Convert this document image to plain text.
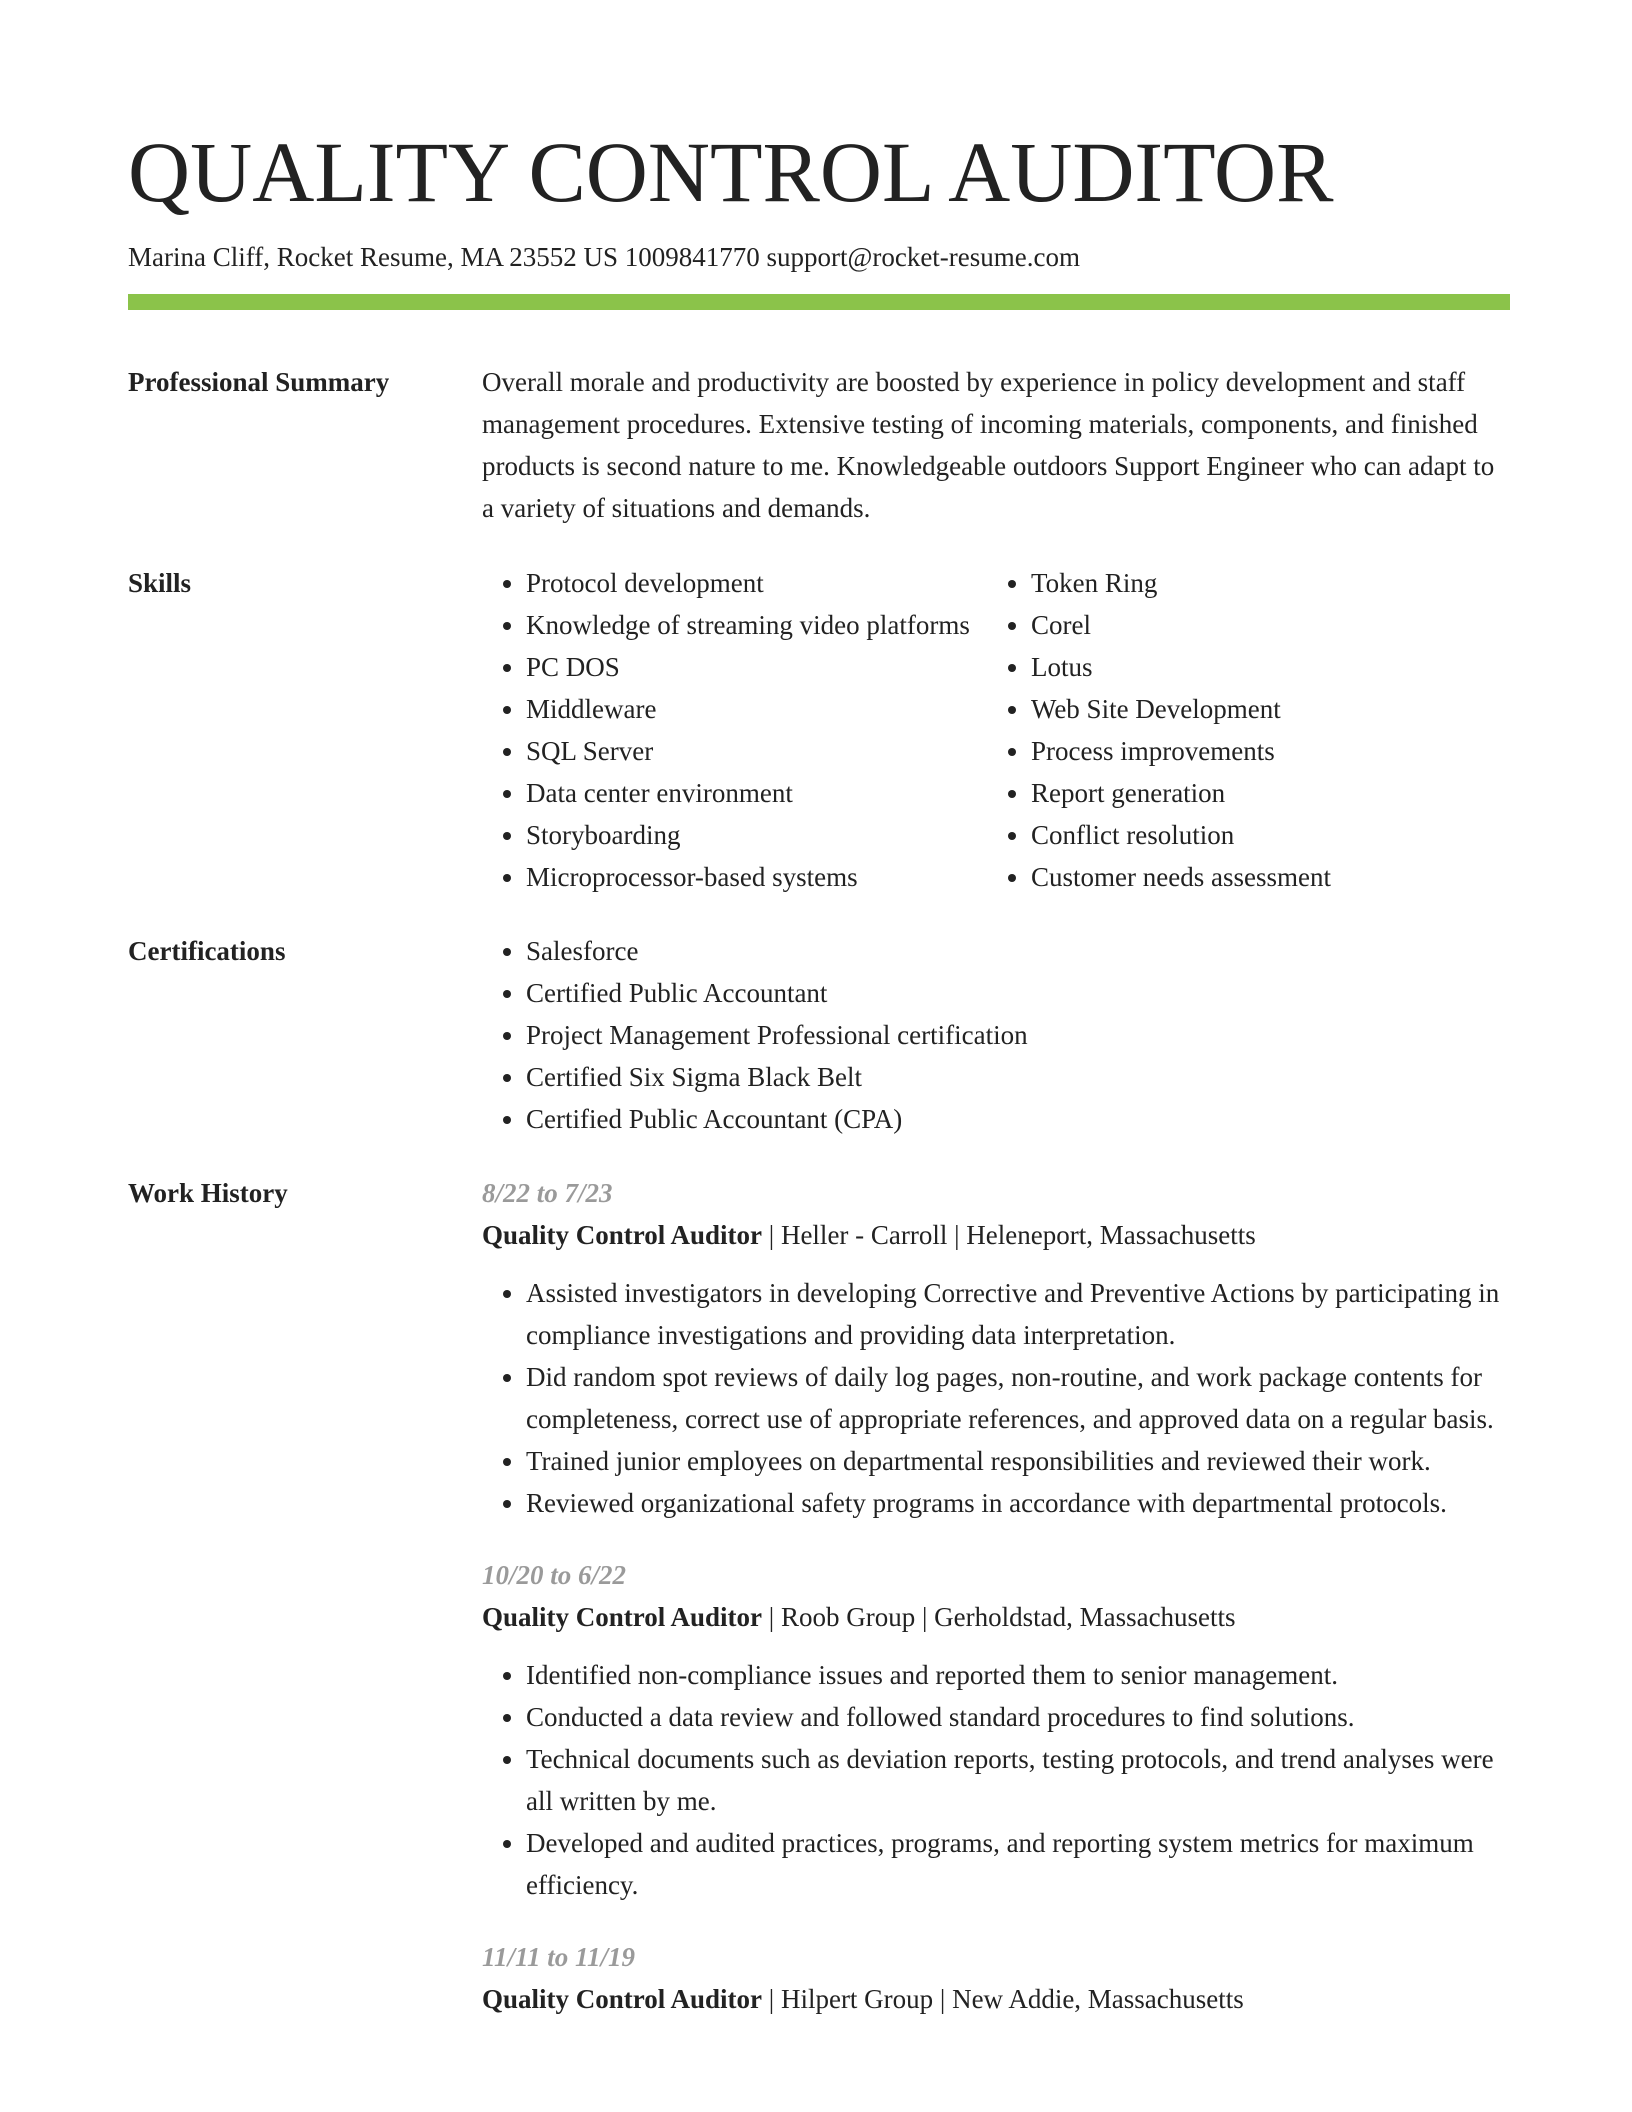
QUALITY CONTROL AUDITOR
Marina Cliff, Rocket Resume, MA 23552 US 1009841770 support@rocket-resume.com
Professional Summary	Overall morale and productivity are boosted by experience in policy development and staff management procedures. Extensive testing of incoming materials, components, and finished products is second nature to me. Knowledgeable outdoors Support Engineer who can adapt to a variety of situations and demands.
Skills	• Protocol development
• Knowledge of streaming video platforms
• PC DOS
• Middleware
• SQL Server
• Data center environment
• Storyboarding
• Microprocessor-based systems
• Token Ring
• Corel
• Lotus
• Web Site Development
• Process improvements
• Report generation
• Conflict resolution
• Customer needs assessment
Certifications	• Salesforce
• Certified Public Accountant
• Project Management Professional certification
• Certified Six Sigma Black Belt
• Certified Public Accountant (CPA)
Work History	8/22 to 7/23
Quality Control Auditor | Heller - Carroll | Heleneport, Massachusetts
• Assisted investigators in developing Corrective and Preventive Actions by participating in compliance investigations and providing data interpretation.
• Did random spot reviews of daily log pages, non-routine, and work package contents for completeness, correct use of appropriate references, and approved data on a regular basis.
• Trained junior employees on departmental responsibilities and reviewed their work.
• Reviewed organizational safety programs in accordance with departmental protocols.
10/20 to 6/22
Quality Control Auditor | Roob Group | Gerholdstad, Massachusetts
• Identified non-compliance issues and reported them to senior management.
• Conducted a data review and followed standard procedures to find solutions.
• Technical documents such as deviation reports, testing protocols, and trend analyses were all written by me.
• Developed and audited practices, programs, and reporting system metrics for maximum efficiency.
11/11 to 11/19
Quality Control Auditor | Hilpert Group | New Addie, Massachusetts
